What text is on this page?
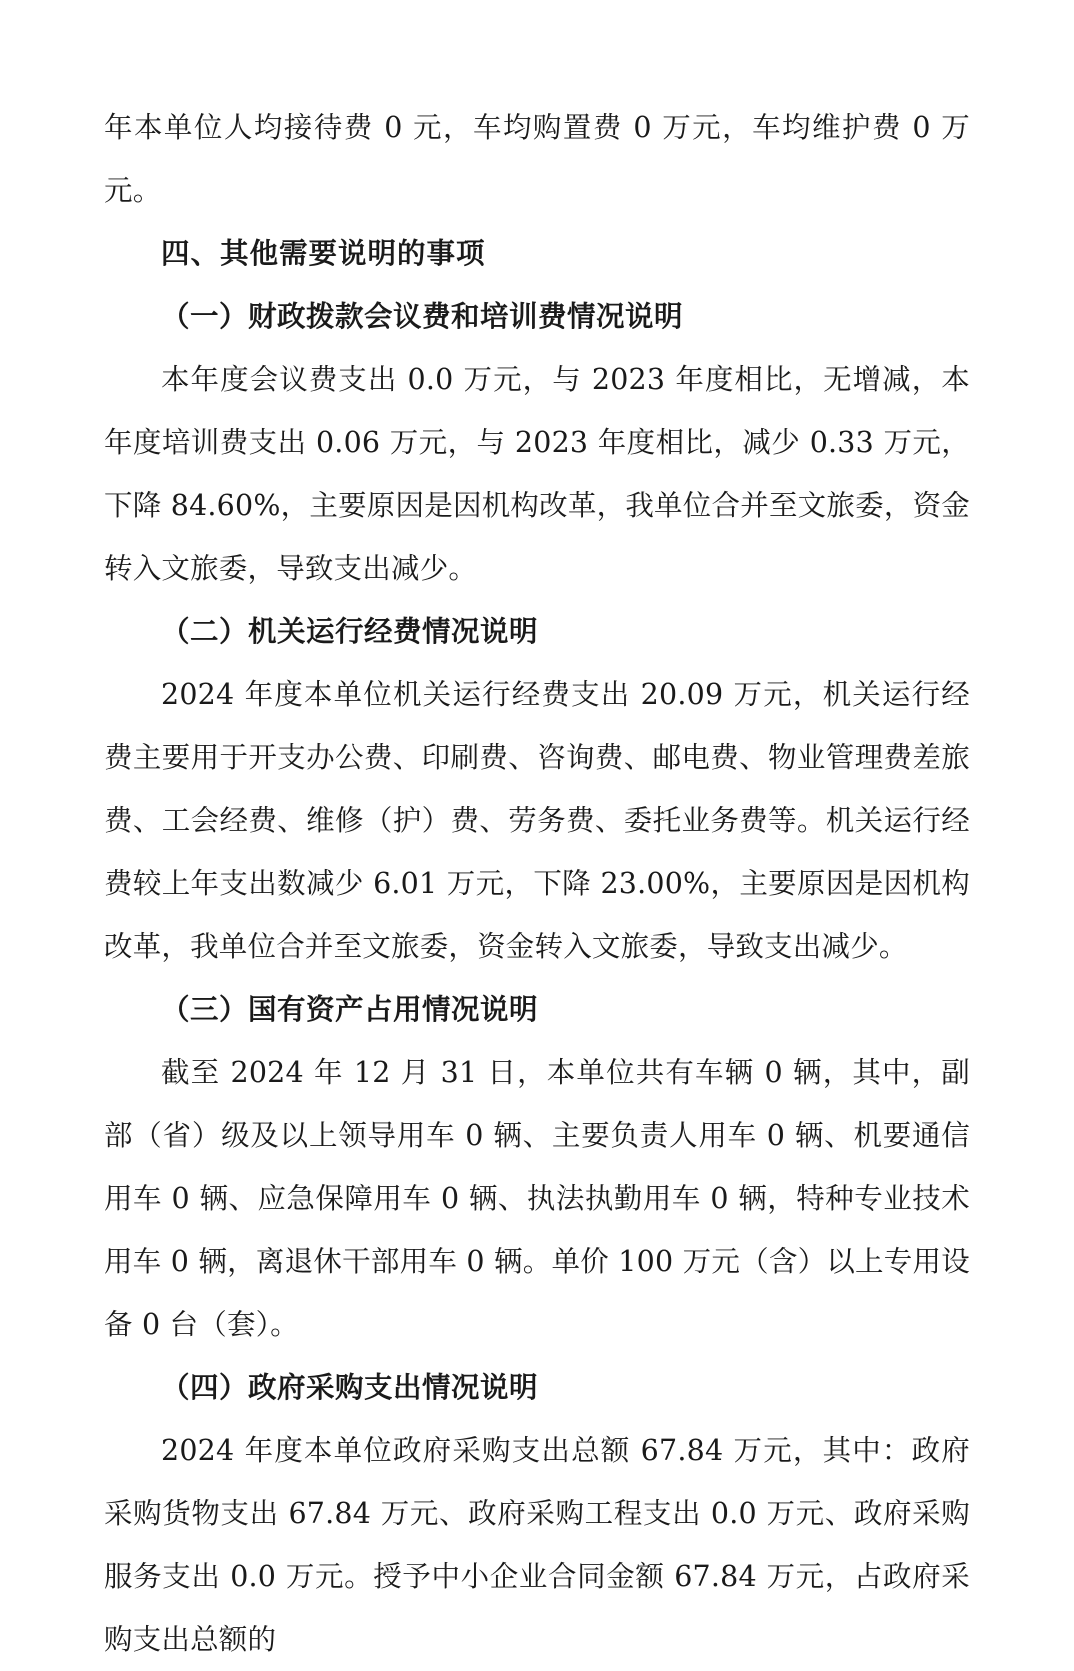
年本单位人均接待费 0 元，车均购置费 0 万元，车均维护费 0 万元。

四、其他需要说明的事项

（一）财政拨款会议费和培训费情况说明

本年度会议费支出 0.0 万元，与 2023 年度相比，无增减，本年度培训费支出 0.06 万元，与 2023 年度相比，减少 0.33 万元，下降 84.60%，主要原因是因机构改革，我单位合并至文旅委，资金转入文旅委，导致支出减少。

（二）机关运行经费情况说明

2024 年度本单位机关运行经费支出 20.09 万元，机关运行经费主要用于开支办公费、印刷费、咨询费、邮电费、物业管理费差旅费、工会经费、维修（护）费、劳务费、委托业务费等。机关运行经费较上年支出数减少 6.01 万元，下降 23.00%，主要原因是因机构改革，我单位合并至文旅委，资金转入文旅委，导致支出减少。

（三）国有资产占用情况说明

截至 2024 年 12 月 31 日，本单位共有车辆 0 辆，其中，副部（省）级及以上领导用车 0 辆、主要负责人用车 0 辆、机要通信用车 0 辆、应急保障用车 0 辆、执法执勤用车 0 辆，特种专业技术用车 0 辆，离退休干部用车 0 辆。单价 100 万元（含）以上专用设备 0 台（套）。

（四）政府采购支出情况说明

2024 年度本单位政府采购支出总额 67.84 万元，其中：政府采购货物支出 67.84 万元、政府采购工程支出 0.0 万元、政府采购服务支出 0.0 万元。授予中小企业合同金额 67.84 万元，占政府采购支出总额的
